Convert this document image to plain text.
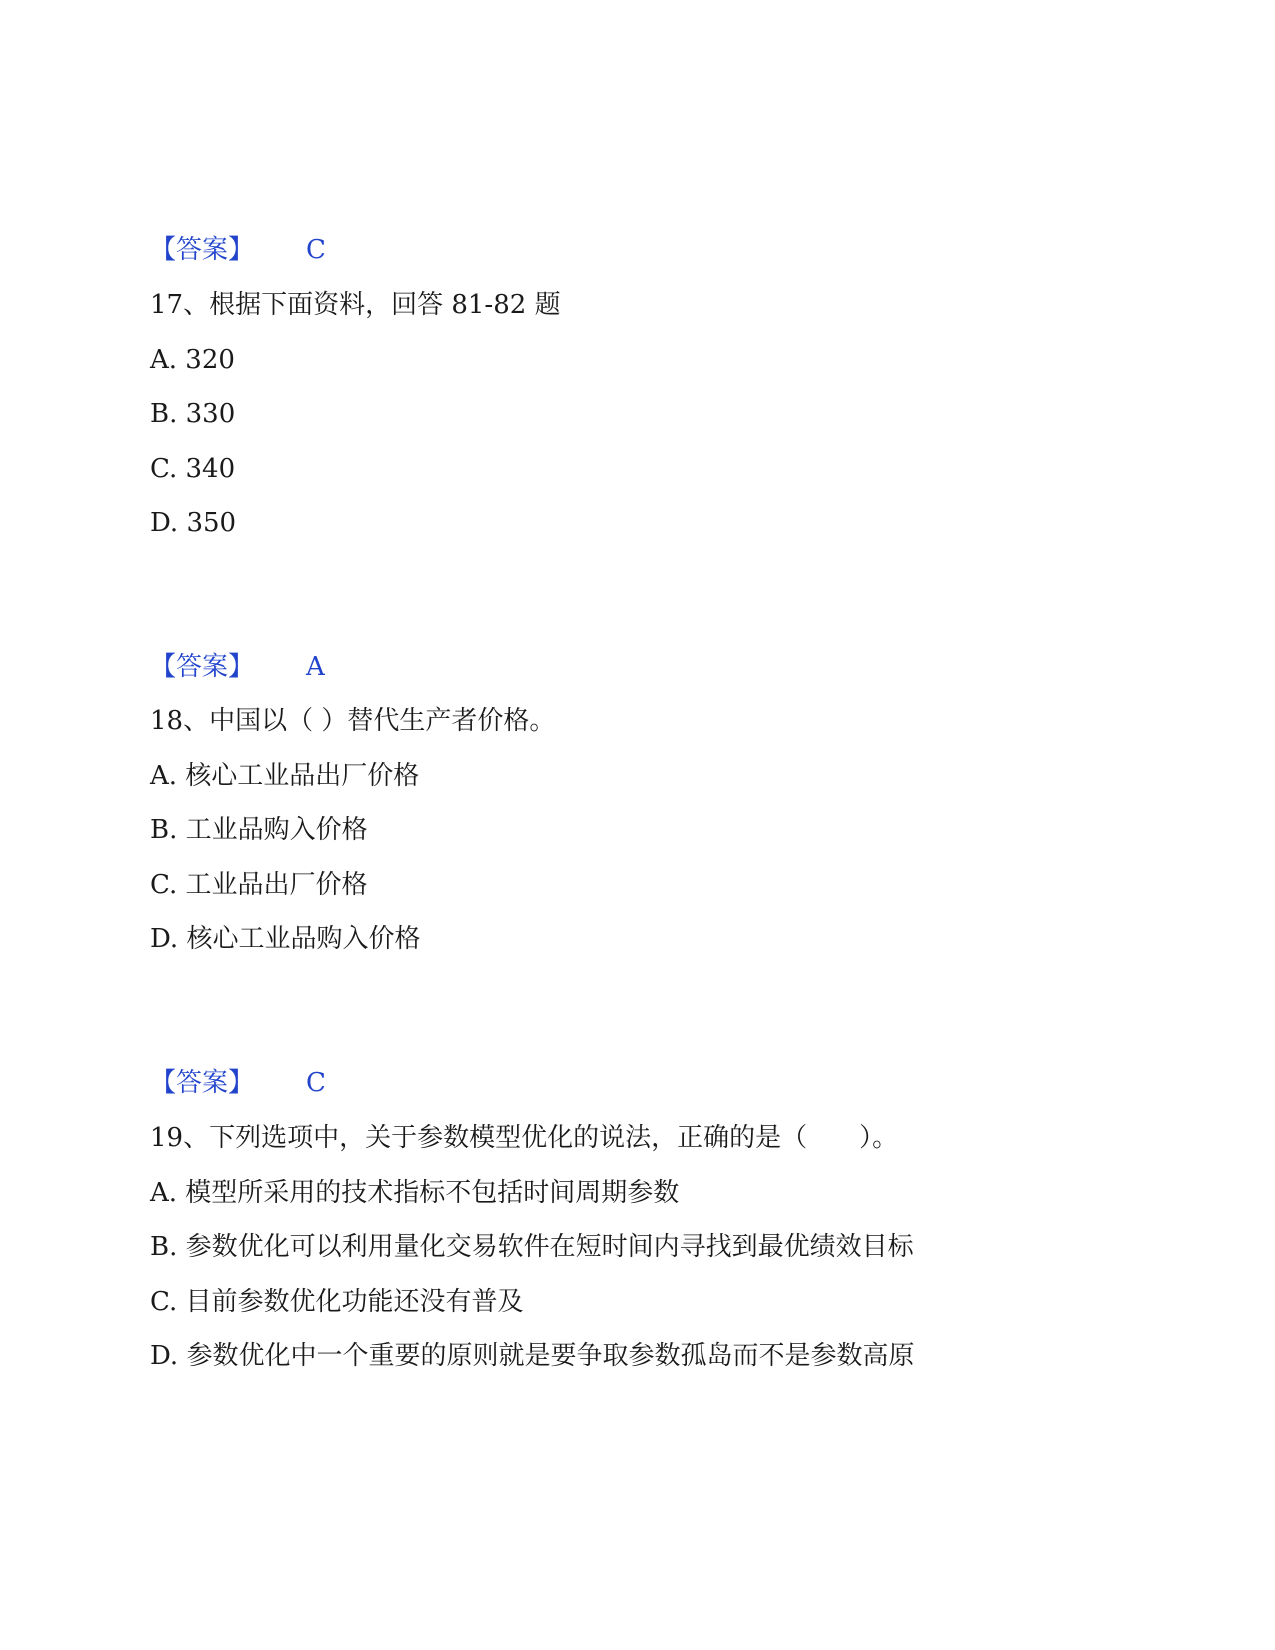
【答案】 C
17、根据下面资料，回答 81-82 题
A. 320
B. 330
C. 340
D. 350
【答案】 A
18、中国以（ ）替代生产者价格。
A. 核心工业品出厂价格
B. 工业品购入价格
C. 工业品出厂价格
D. 核心工业品购入价格
【答案】 C
19、下列选项中，关于参数模型优化的说法，正确的是（　　）。
A. 模型所采用的技术指标不包括时间周期参数
B. 参数优化可以利用量化交易软件在短时间内寻找到最优绩效目标
C. 目前参数优化功能还没有普及
D. 参数优化中一个重要的原则就是要争取参数孤岛而不是参数高原
